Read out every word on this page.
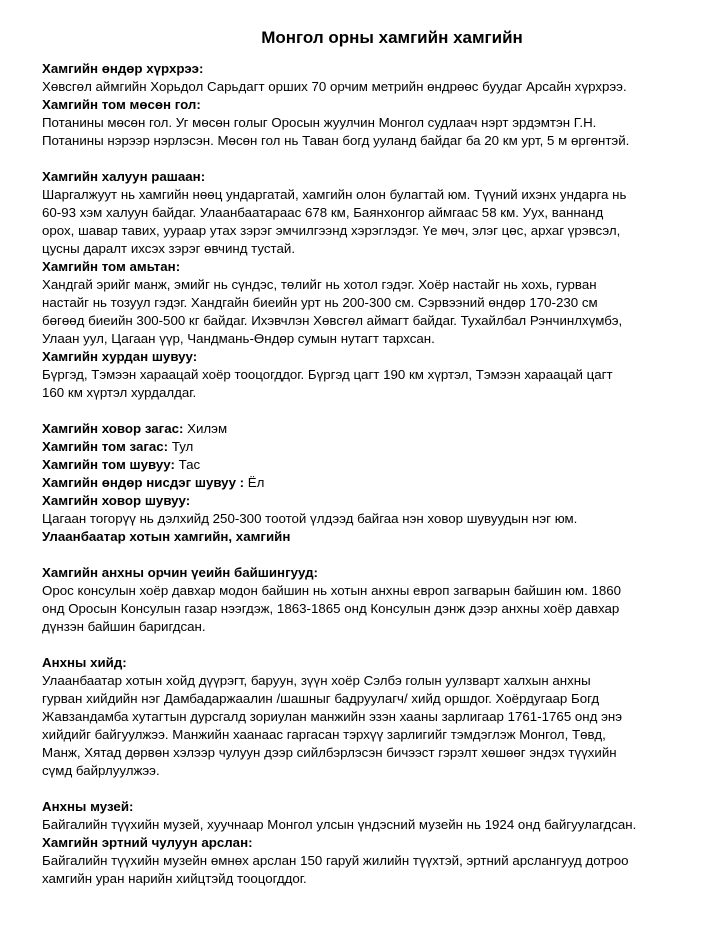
Монгол орны хамгийн хамгийн
Хамгийн өндөр хүрхрээ:
Хөвсгөл аймгийн Хорьдол Сарьдагт орших 70 орчим метрийн өндрөөс буудаг Арсайн хүрхрээ.
Хамгийн том мөсөн гол:
Потанины мөсөн гол. Уг мөсөн голыг Оросын жуулчин Монгол судлаач нэрт эрдэмтэн Г.Н.
Потанины нэрээр нэрлэсэн. Мөсөн гол нь Таван богд ууланд байдаг ба 20 км урт, 5 м өргөнтэй.
Хамгийн халуун рашаан:
Шаргалжуут нь хамгийн нөөц ундаргатай, хамгийн олон булагтай юм. Түүний ихэнх ундарга нь
60-93 хэм халуун байдаг. Улаанбаатараас 678 км, Баянхонгор аймгаас 58 км. Уух, ваннанд
орох, шавар тавих, уураар утах зэрэг эмчилгээнд хэрэглэдэг. Үе мөч, элэг цөс, архаг үрэвсэл,
цусны даралт ихсэх зэрэг өвчинд тустай.
Хамгийн том амьтан:
Хандгай эрийг манж, эмийг нь сүндэс, төлийг нь хотол гэдэг. Хоёр настайг нь хохь, гурван
настайг нь тозуул гэдэг. Хандгайн биеийн урт нь 200-300 см. Сэрвээний өндөр 170-230 см
бөгөөд биеийн 300-500 кг байдаг. Ихэвчлэн Хөвсгөл аймагт байдаг. Тухайлбал Рэнчинлхүмбэ,
Улаан уул, Цагаан үүр, Чандмань-Өндөр сумын нутагт тархсан.
Хамгийн хурдан шувуу:
Бүргэд, Тэмээн хараацай хоёр тооцогддог. Бүргэд цагт 190 км хүртэл, Тэмээн хараацай цагт
160 км хүртэл хурдалдаг.
Хамгийн ховор загас: Хилэм
Хамгийн том загас: Тул
Хамгийн том шувуу: Тас
Хамгийн өндөр нисдэг шувуу : Ёл
Хамгийн ховор шувуу:
Цагаан тогорүү нь дэлхийд 250-300 тоотой үлдээд байгаа нэн ховор шувуудын нэг юм.
Улаанбаатар хотын хамгийн, хамгийн
Хамгийн анхны орчин үеийн байшингууд:
Орос консулын хоёр давхар модон байшин нь хотын анхны европ загварын байшин юм. 1860
онд Оросын Консулын газар нээгдэж, 1863-1865 онд Консулын дэнж дээр анхны хоёр давхар
дүнзэн байшин баригдсан.
Анхны хийд:
Улаанбаатар хотын хойд дүүрэгт, баруун, зүүн хоёр Сэлбэ голын уулзварт халхын анхны
гурван хийдийн нэг Дамбадаржаалин /шашныг бадруулагч/ хийд оршдог. Хоёрдугаар Богд
Жавзандамба хутагтын дурсгалд зориулан манжийн эзэн хааны зарлигаар 1761-1765 онд энэ
хийдийг байгуулжээ. Манжийн хаанаас гаргасан тэрхүү зарлигийг тэмдэглэж Монгол, Төвд,
Манж, Хятад дөрвөн хэлээр чулуун дээр сийлбэрлэсэн бичээст гэрэлт хөшөөг эндэх түүхийн
сүмд байрлуулжээ.
Анхны музей:
Байгалийн түүхийн музей, хуучнаар Монгол улсын үндэсний музейн нь 1924 онд байгуулагдсан.
Хамгийн эртний чулуун арслан:
Байгалийн түүхийн музейн өмнөх арслан 150 гаруй жилийн түүхтэй, эртний арслангууд дотроо
хамгийн уран нарийн хийцтэйд тооцогддог.
